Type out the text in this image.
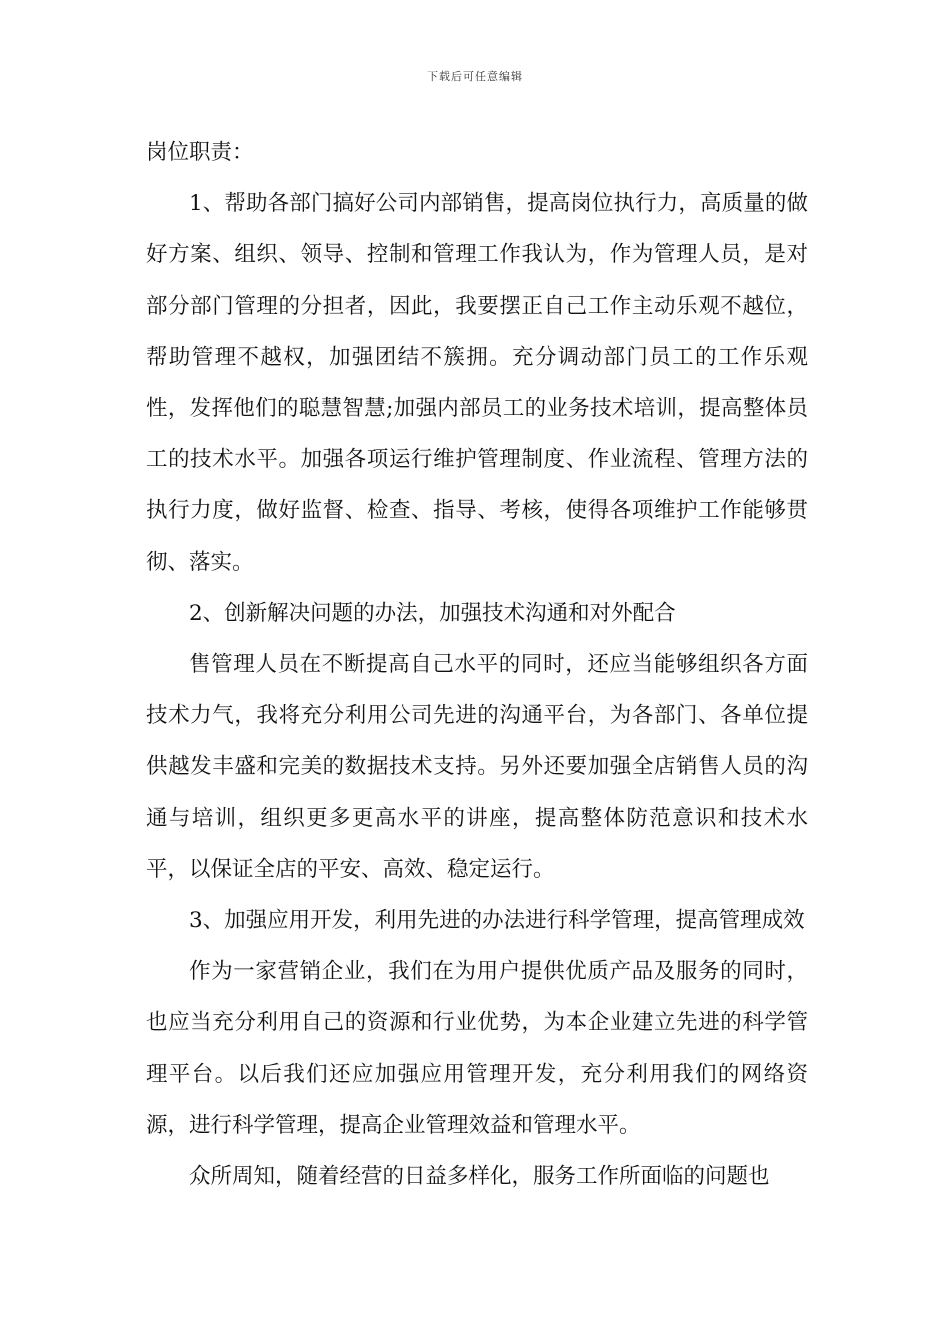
下载后可任意编辑

岗位职责：

1、帮助各部门搞好公司内部销售，提高岗位执行力，高质量的做好方案、组织、领导、控制和管理工作我认为，作为管理人员，是对部分部门管理的分担者，因此，我要摆正自己工作主动乐观不越位，帮助管理不越权，加强团结不簇拥。充分调动部门员工的工作乐观性，发挥他们的聪慧智慧;加强内部员工的业务技术培训，提高整体员工的技术水平。加强各项运行维护管理制度、作业流程、管理方法的执行力度，做好监督、检查、指导、考核，使得各项维护工作能够贯彻、落实。

2、创新解决问题的办法，加强技术沟通和对外配合

售管理人员在不断提高自己水平的同时，还应当能够组织各方面技术力气，我将充分利用公司先进的沟通平台，为各部门、各单位提供越发丰盛和完美的数据技术支持。另外还要加强全店销售人员的沟通与培训，组织更多更高水平的讲座，提高整体防范意识和技术水平，以保证全店的平安、高效、稳定运行。

3、加强应用开发，利用先进的办法进行科学管理，提高管理成效

作为一家营销企业，我们在为用户提供优质产品及服务的同时，也应当充分利用自己的资源和行业优势，为本企业建立先进的科学管理平台。以后我们还应加强应用管理开发，充分利用我们的网络资源，进行科学管理，提高企业管理效益和管理水平。

众所周知，随着经营的日益多样化，服务工作所面临的问题也
